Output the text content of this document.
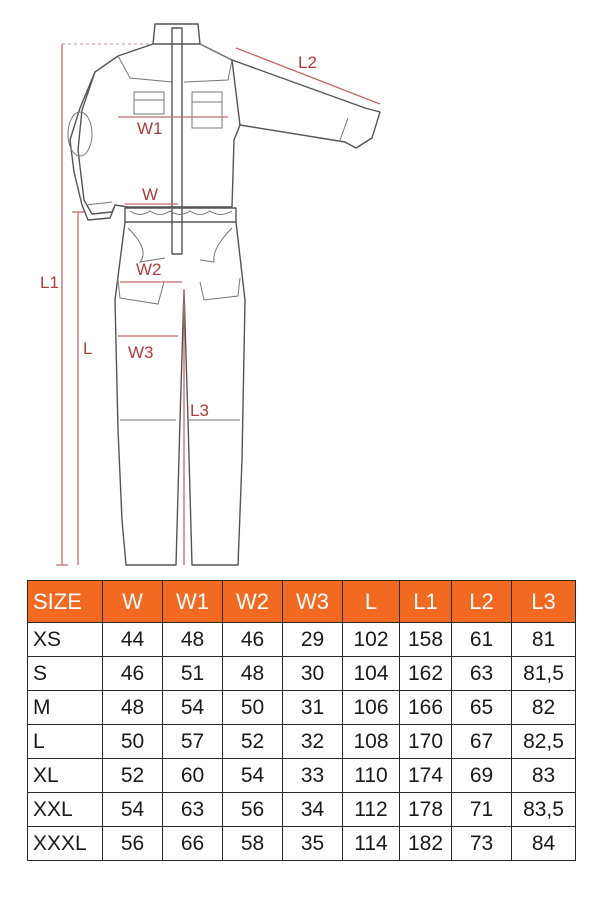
W1
W
W2
W3
L1
L
L2
L3
SIZE	W	W1	W2	W3	L	L1	L2	L3
XS	44	48	46	29	102	158	61	81
S	46	51	48	30	104	162	63	81,5
M	48	54	50	31	106	166	65	82
L	50	57	52	32	108	170	67	82,5
XL	52	60	54	33	110	174	69	83
XXL	54	63	56	34	112	178	71	83,5
XXXL	56	66	58	35	114	182	73	84
